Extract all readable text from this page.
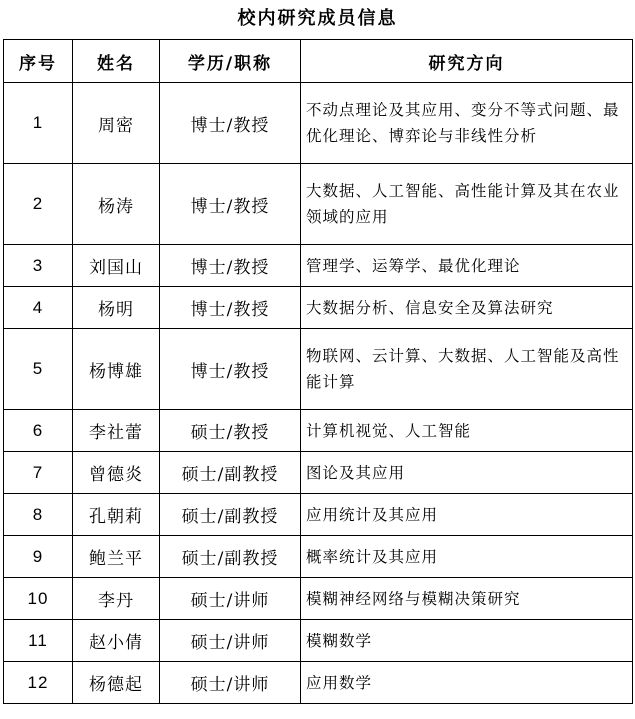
校内研究成员信息
序号	姓名	学历/职称	研究方向
1	周密	博士/教授	不动点理论及其应用、变分不等式问题、最优化理论、博弈论与非线性分析
2	杨涛	博士/教授	大数据、人工智能、高性能计算及其在农业领域的应用
3	刘国山	博士/教授	管理学、运筹学、最优化理论
4	杨明	博士/教授	大数据分析、信息安全及算法研究
5	杨博雄	博士/教授	物联网、云计算、大数据、人工智能及高性能计算
6	李社蕾	硕士/教授	计算机视觉、人工智能
7	曾德炎	硕士/副教授	图论及其应用
8	孔朝莉	硕士/副教授	应用统计及其应用
9	鲍兰平	硕士/副教授	概率统计及其应用
10	李丹	硕士/讲师	模糊神经网络与模糊决策研究
11	赵小倩	硕士/讲师	模糊数学
12	杨德起	硕士/讲师	应用数学
